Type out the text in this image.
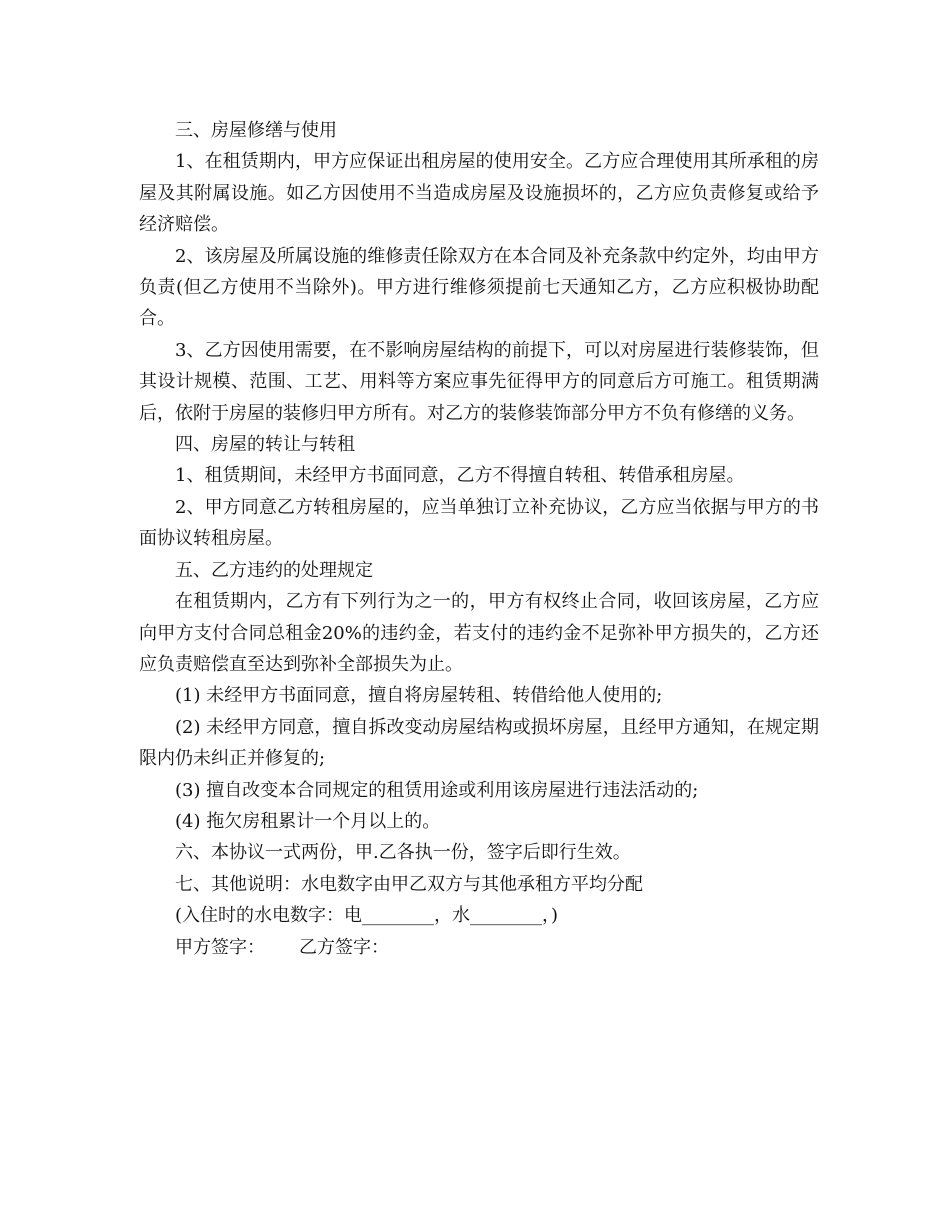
三、房屋修缮与使用

1、在租赁期内，甲方应保证出租房屋的使用安全。乙方应合理使用其所承租的房屋及其附属设施。如乙方因使用不当造成房屋及设施损坏的，乙方应负责修复或给予经济赔偿。

2、该房屋及所属设施的维修责任除双方在本合同及补充条款中约定外，均由甲方负责(但乙方使用不当除外)。甲方进行维修须提前七天通知乙方，乙方应积极协助配合。

3、乙方因使用需要，在不影响房屋结构的前提下，可以对房屋进行装修装饰，但其设计规模、范围、工艺、用料等方案应事先征得甲方的同意后方可施工。租赁期满后，依附于房屋的装修归甲方所有。对乙方的装修装饰部分甲方不负有修缮的义务。

四、房屋的转让与转租

1、租赁期间，未经甲方书面同意，乙方不得擅自转租、转借承租房屋。

2、甲方同意乙方转租房屋的，应当单独订立补充协议，乙方应当依据与甲方的书面协议转租房屋。

五、乙方违约的处理规定

在租赁期内，乙方有下列行为之一的，甲方有权终止合同，收回该房屋，乙方应向甲方支付合同总租金20%的违约金，若支付的违约金不足弥补甲方损失的，乙方还应负责赔偿直至达到弥补全部损失为止。

(1) 未经甲方书面同意，擅自将房屋转租、转借给他人使用的;

(2) 未经甲方同意，擅自拆改变动房屋结构或损坏房屋，且经甲方通知，在规定期限内仍未纠正并修复的;

(3) 擅自改变本合同规定的租赁用途或利用该房屋进行违法活动的;

(4) 拖欠房租累计一个月以上的。

六、本协议一式两份，甲.乙各执一份，签字后即行生效。

七、其他说明：水电数字由甲乙双方与其他承租方平均分配

(入住时的水电数字：电________，水________，)

甲方签字： 乙方签字：
